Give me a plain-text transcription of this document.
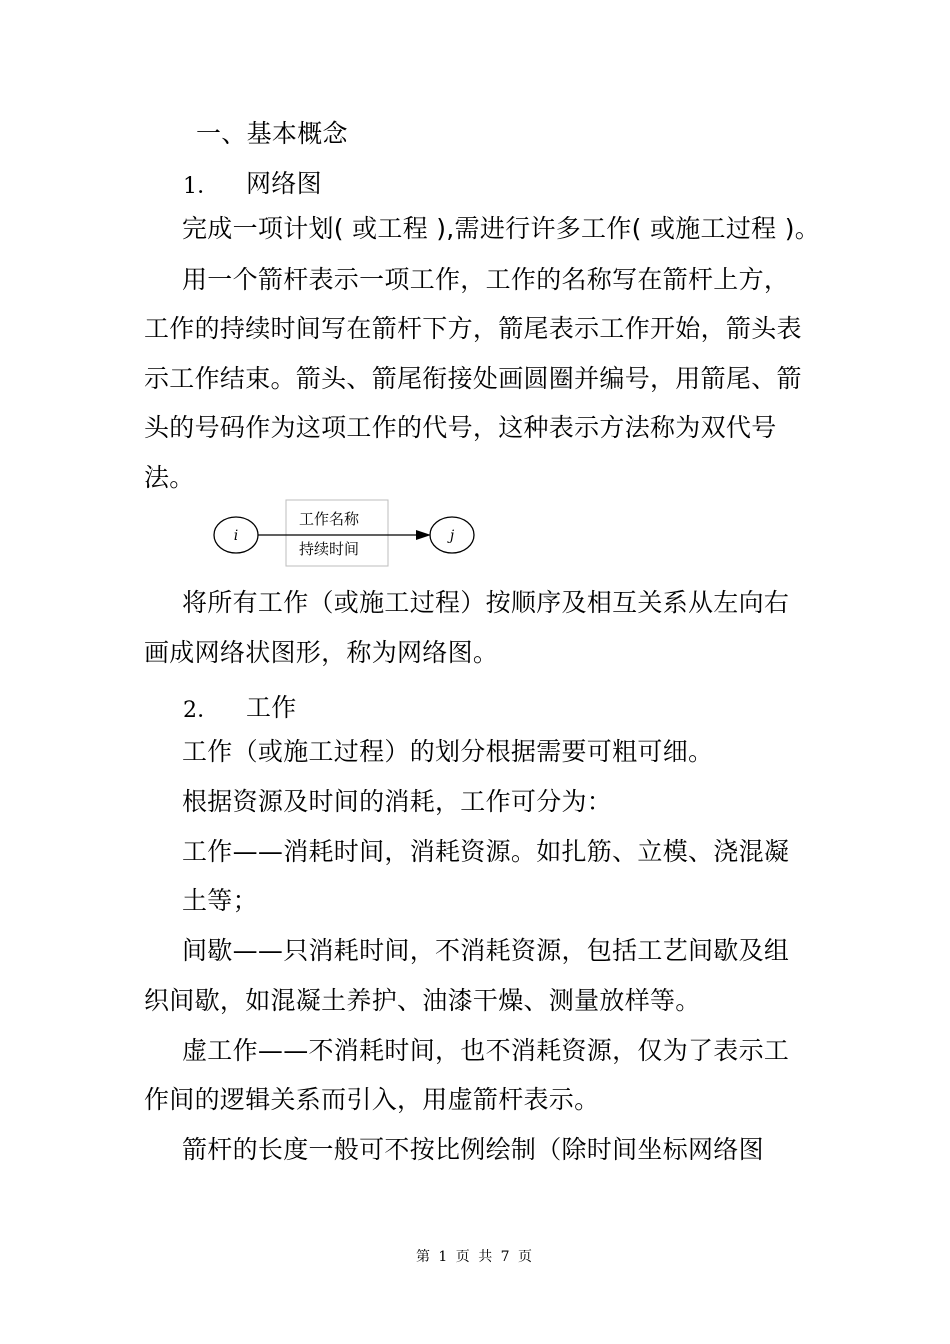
一、基本概念
1． 网络图
完成一项计划( 或工程 ),需进行许多工作( 或施工过程 )。
用一个箭杆表示一项工作，工作的名称写在箭杆上方，
工作的持续时间写在箭杆下方，箭尾表示工作开始，箭头表
示工作结束。箭头、箭尾衔接处画圆圈并编号，用箭尾、箭
头的号码作为这项工作的代号，这种表示方法称为双代号
法。
i
工作名称
持续时间
j
将所有工作（或施工过程）按顺序及相互关系从左向右
画成网络状图形，称为网络图。
2． 工作
工作（或施工过程）的划分根据需要可粗可细。
根据资源及时间的消耗，工作可分为：
工作——消耗时间，消耗资源。如扎筋、立模、浇混凝
土等；
间歇——只消耗时间，不消耗资源，包括工艺间歇及组
织间歇，如混凝土养护、油漆干燥、测量放样等。
虚工作——不消耗时间，也不消耗资源，仅为了表示工
作间的逻辑关系而引入，用虚箭杆表示。
箭杆的长度一般可不按比例绘制（除时间坐标网络图
第 1 页 共 7 页
